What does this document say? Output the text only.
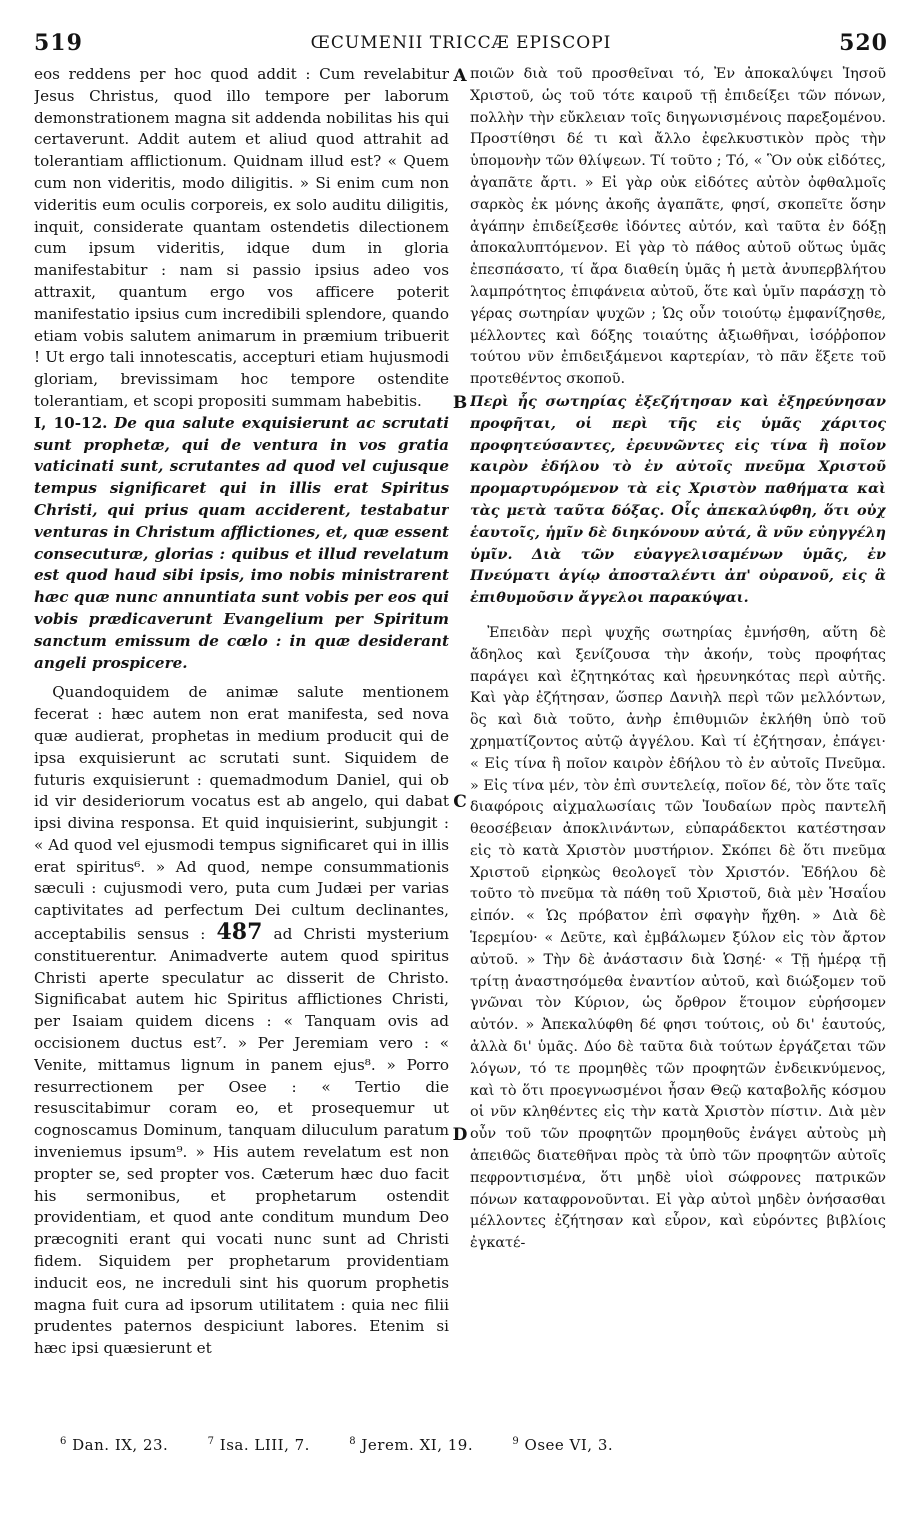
519	ŒCUMENII TRICCÆ EPISCOPI	520

eos reddens per hoc quod addit : Cum revelabitur Jesus Christus, quod illo tempore per laborum demonstrationem magna sit addenda nobilitas his qui certaverunt. Addit autem et aliud quod attrahit ad tolerantiam afflictionum. Quidnam illud est? « Quem cum non videritis, modo diligitis. » Si enim cum non videritis eum oculis corporeis, ex solo auditu diligitis, inquit, considerate quantam ostendetis dilectionem cum ipsum videritis, idque dum in gloria manifestabitur : nam si passio ipsius adeo vos attraxit, quantum ergo vos afficere poterit manifestatio ipsius cum incredibili splendore, quando etiam vobis salutem animarum in præmium tribuerit ! Ut ergo tali innotescatis, accepturi etiam hujusmodi gloriam, brevissimam hoc tempore ostendite tolerantiam, et scopi propositi summam habebitis.

I, 10-12. De qua salute exquisierunt ac scrutati sunt prophetæ, qui de ventura in vos gratia vaticinati sunt, scrutantes ad quod vel cujusque tempus significaret qui in illis erat Spiritus Christi, qui prius quam acciderent, testabatur venturas in Christum afflictiones, et, quæ essent consecuturæ, glorias : quibus et illud revelatum est quod haud sibi ipsis, imo nobis ministrarent hæc quæ nunc annuntiata sunt vobis per eos qui vobis prædicaverunt Evangelium per Spiritum sanctum emissum de cœlo : in quæ desiderant angeli prospicere.

Quandoquidem de animæ salute mentionem fecerat : hæc autem non erat manifesta, sed nova quæ audierat, prophetas in medium producit qui de ipsa exquisierunt ac scrutati sunt. Siquidem de futuris exquisierunt : quemadmodum Daniel, qui ob id vir desideriorum vocatus est ab angelo, qui dabat ipsi divina responsa. Et quid inquisierint, subjungit : « Ad quod vel ejusmodi tempus significaret qui in illis erat spiritus⁶. » Ad quod, nempe consummationis sæculi : cujusmodi vero, puta cum Judæi per varias captivitates ad perfectum Dei cultum declinantes, acceptabilis sensus : 487 ad Christi mysterium constituerentur. Animadverte autem quod spiritus Christi aperte speculatur ac disserit de Christo. Significabat autem hic Spiritus afflictiones Christi, per Isaiam quidem dicens : « Tanquam ovis ad occisionem ductus est⁷. » Per Jeremiam vero : « Venite, mittamus lignum in panem ejus⁸. » Porro resurrectionem per Osee : « Tertio die resuscitabimur coram eo, et prosequemur ut cognoscamus Dominum, tanquam diluculum paratum inveniemus ipsum⁹. » His autem revelatum est non propter se, sed propter vos. Cæterum hæc duo facit his sermonibus, et prophetarum ostendit providentiam, et quod ante conditum mundum Deo præcogniti erant qui vocati nunc sunt ad Christi fidem. Siquidem per prophetarum providentiam inducit eos, ne increduli sint his quorum prophetis magna fuit cura ad ipsorum utilitatem : quia nec filii prudentes paternos despiciunt labores. Etenim si hæc ipsi quæsierunt et

A
B
C
D

ποιῶν διὰ τοῦ προσθεῖναι τό, Ἐν ἀποκαλύψει Ἰησοῦ Χριστοῦ, ὡς τοῦ τότε καιροῦ τῇ ἐπιδείξει τῶν πόνων, πολλὴν τὴν εὔκλειαν τοῖς διηγωνισμένοις παρεξομένου. Προστίθησι δέ τι καὶ ἄλλο ἐφελκυστικὸν πρὸς τὴν ὑπομονὴν τῶν θλίψεων. Τί τοῦτο ; Τό, « Ὃν οὐκ εἰδότες, ἀγαπᾶτε ἄρτι. » Εἰ γὰρ οὐκ εἰδότες αὐτὸν ὀφθαλμοῖς σαρκὸς ἐκ μόνης ἀκοῆς ἀγαπᾶτε, φησί, σκοπεῖτε ὅσην ἀγάπην ἐπιδείξεσθε ἰδόντες αὐτόν, καὶ ταῦτα ἐν δόξῃ ἀποκαλυπτόμενον. Εἰ γὰρ τὸ πάθος αὐτοῦ οὕτως ὑμᾶς ἐπεσπάσατο, τί ἄρα διαθείη ὑμᾶς ἡ μετὰ ἀνυπερβλήτου λαμπρότητος ἐπιφάνεια αὐτοῦ, ὅτε καὶ ὑμῖν παράσχῃ τὸ γέρας σωτηρίαν ψυχῶν ; Ὡς οὖν τοιούτῳ ἐμφανίζησθε, μέλλοντες καὶ δόξης τοιαύτης ἀξιωθῆναι, ἰσόῤῥοπον τούτου νῦν ἐπιδειξάμενοι καρτερίαν, τὸ πᾶν ἕξετε τοῦ προτεθέντος σκοποῦ.

Περὶ ἧς σωτηρίας ἐξεζήτησαν καὶ ἐξηρεύνησαν προφῆται, οἱ περὶ τῆς εἰς ὑμᾶς χάριτος προφητεύσαντες, ἐρευνῶντες εἰς τίνα ἢ ποῖον καιρὸν ἐδήλου τὸ ἐν αὐτοῖς πνεῦμα Χριστοῦ προμαρτυρόμενον τὰ εἰς Χριστὸν παθήματα καὶ τὰς μετὰ ταῦτα δόξας. Οἷς ἀπεκαλύφθη, ὅτι οὐχ ἑαυτοῖς, ἡμῖν δὲ διηκόνουν αὐτά, ἃ νῦν εὐηγγέλη ὑμῖν. Διὰ τῶν εὐαγγελισαμένων ὑμᾶς, ἐν Πνεύματι ἁγίῳ ἀποσταλέντι ἀπ' οὐρανοῦ, εἰς ἃ ἐπιθυμοῦσιν ἄγγελοι παρακύψαι.

Ἐπειδὰν περὶ ψυχῆς σωτηρίας ἐμνήσθη, αὕτη δὲ ἄδηλος καὶ ξενίζουσα τὴν ἀκοήν, τοὺς προφήτας παράγει καὶ ἐζητηκότας καὶ ἠρευνηκότας περὶ αὐτῆς. Καὶ γὰρ ἐζήτησαν, ὥσπερ Δανιὴλ περὶ τῶν μελλόντων, ὃς καὶ διὰ τοῦτο, ἀνὴρ ἐπιθυμιῶν ἐκλήθη ὑπὸ τοῦ χρηματίζοντος αὐτῷ ἀγγέλου. Καὶ τί ἐζήτησαν, ἐπάγει· « Εἰς τίνα ἢ ποῖον καιρὸν ἐδήλου τὸ ἐν αὐτοῖς Πνεῦμα. » Εἰς τίνα μέν, τὸν ἐπὶ συντελείᾳ, ποῖον δέ, τὸν ὅτε ταῖς διαφόροις αἰχμαλωσίαις τῶν Ἰουδαίων πρὸς παντελῆ θεοσέβειαν ἀποκλινάντων, εὐπαράδεκτοι κατέστησαν εἰς τὸ κατὰ Χριστὸν μυστήριον. Σκόπει δὲ ὅτι πνεῦμα Χριστοῦ εἰρηκὼς θεολογεῖ τὸν Χριστόν. Ἐδήλου δὲ τοῦτο τὸ πνεῦμα τὰ πάθη τοῦ Χριστοῦ, διὰ μὲν Ἡσαΐου εἰπόν. « Ὡς πρόβατον ἐπὶ σφαγὴν ἤχθη. » Διὰ δὲ Ἱερεμίου· « Δεῦτε, καὶ ἐμβάλωμεν ξύλον εἰς τὸν ἄρτον αὐτοῦ. » Τὴν δὲ ἀνάστασιν διὰ Ὡσηέ· « Τῇ ἡμέρᾳ τῇ τρίτῃ ἀναστησόμεθα ἐναντίον αὐτοῦ, καὶ διώξομεν τοῦ γνῶναι τὸν Κύριον, ὡς ὄρθρον ἕτοιμον εὑρήσομεν αὐτόν. » Ἀπεκαλύφθη δέ φησι τούτοις, οὐ δι' ἑαυτούς, ἀλλὰ δι' ὑμᾶς. Δύο δὲ ταῦτα διὰ τούτων ἐργάζεται τῶν λόγων, τό τε προμηθὲς τῶν προφητῶν ἐνδεικνύμενος, καὶ τὸ ὅτι προεγνωσμένοι ἦσαν Θεῷ καταβολῆς κόσμου οἱ νῦν κληθέντες εἰς τὴν κατὰ Χριστὸν πίστιν. Διὰ μὲν οὖν τοῦ τῶν προφητῶν προμηθοῦς ἐνάγει αὐτοὺς μὴ ἀπειθῶς διατεθῆναι πρὸς τὰ ὑπὸ τῶν προφητῶν αὐτοῖς πεφροντισμένα, ὅτι μηδὲ υἱοὶ σώφρονες πατρικῶν πόνων καταφρονοῦνται. Εἰ γὰρ αὐτοὶ μηδὲν ὀνήσασθαι μέλλοντες ἐζήτησαν καὶ εὗρον, καὶ εὑρόντες βιβλίοις ἐγκατέ-

$^6$ Dan. IX, 23.	$^7$ Isa. LIII, 7.	$^8$ Jerem. XI, 19.	$^9$ Osee VI, 3.
